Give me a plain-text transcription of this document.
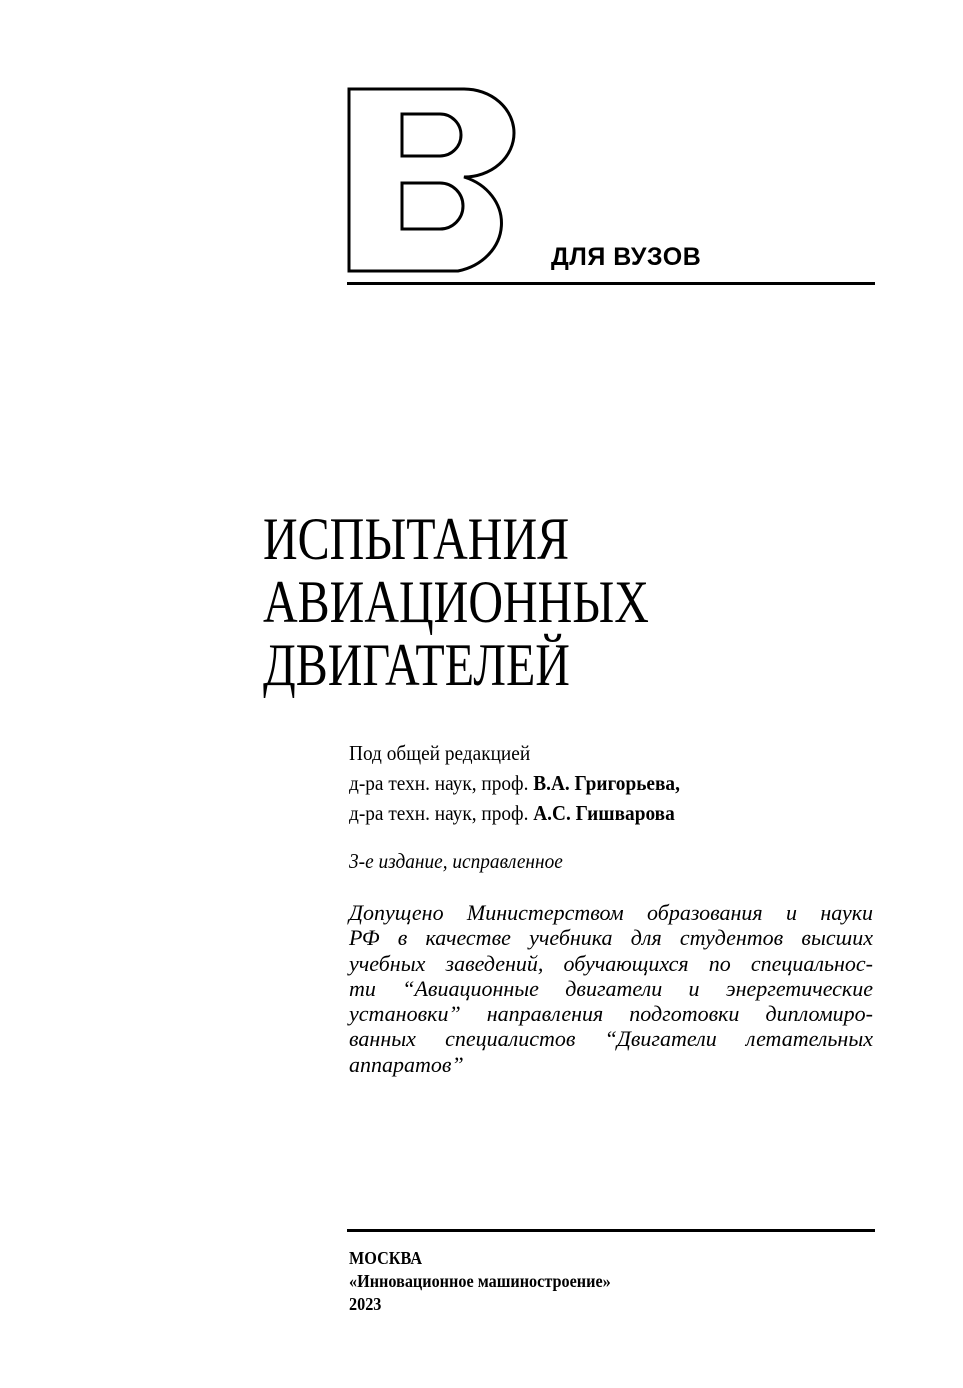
ДЛЯ ВУЗОВ
ИСПЫТАНИЯ
АВИАЦИОННЫХ
ДВИГАТЕЛЕЙ
Под общей редакцией
д-ра техн. наук, проф. В.А. Григорьева,
д-ра техн. наук, проф. А.С. Гишварова
3-е издание, исправленное
Допущено Министерством образования и науки
РФ в качестве учебника для студентов высших
учебных заведений, обучающихся по специальнос-
ти “Авиационные двигатели и энергетические
установки” направления подготовки дипломиро-
ванных специалистов “Двигатели летательных
аппаратов”
МОСКВА
«Инновационное машиностроение»
2023
